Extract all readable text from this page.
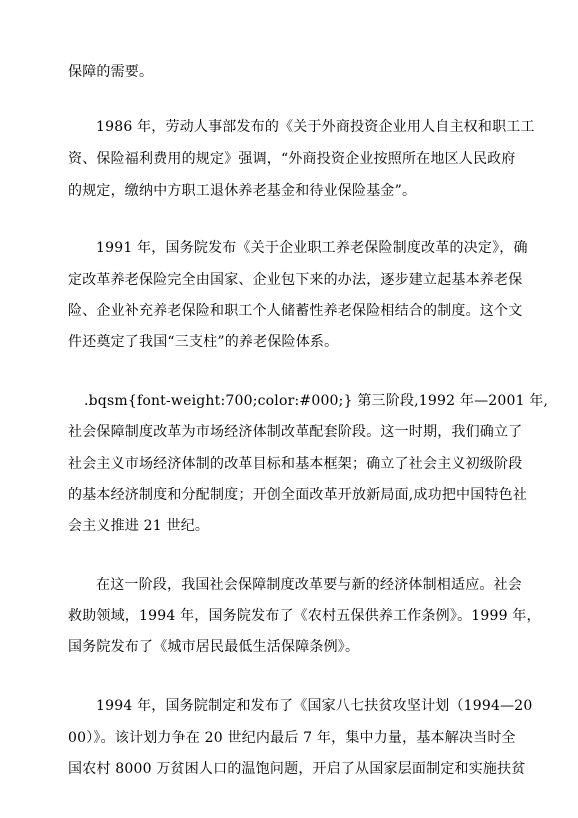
保障的需要。
1986 年，劳动人事部发布的《关于外商投资企业用人自主权和职工工
资、保险福利费用的规定》强调，“外商投资企业按照所在地区人民政府
的规定，缴纳中方职工退休养老基金和待业保险基金”。
1991 年，国务院发布《关于企业职工养老保险制度改革的决定》，确
定改革养老保险完全由国家、企业包下来的办法，逐步建立起基本养老保
险、企业补充养老保险和职工个人储蓄性养老保险相结合的制度。这个文
件还奠定了我国“三支柱”的养老保险体系。
.bqsm{font-weight:700;color:#000;} 第三阶段,1992 年—2001 年,
社会保障制度改革为市场经济体制改革配套阶段。这一时期，我们确立了
社会主义市场经济体制的改革目标和基本框架；确立了社会主义初级阶段
的基本经济制度和分配制度；开创全面改革开放新局面,成功把中国特色社
会主义推进 21 世纪。
在这一阶段，我国社会保障制度改革要与新的经济体制相适应。社会
救助领域，1994 年，国务院发布了《农村五保供养工作条例》。1999 年，
国务院发布了《城市居民最低生活保障条例》。
1994 年，国务院制定和发布了《国家八七扶贫攻坚计划（1994—20
00）》。该计划力争在 20 世纪内最后 7 年，集中力量，基本解决当时全
国农村 8000 万贫困人口的温饱问题，开启了从国家层面制定和实施扶贫
